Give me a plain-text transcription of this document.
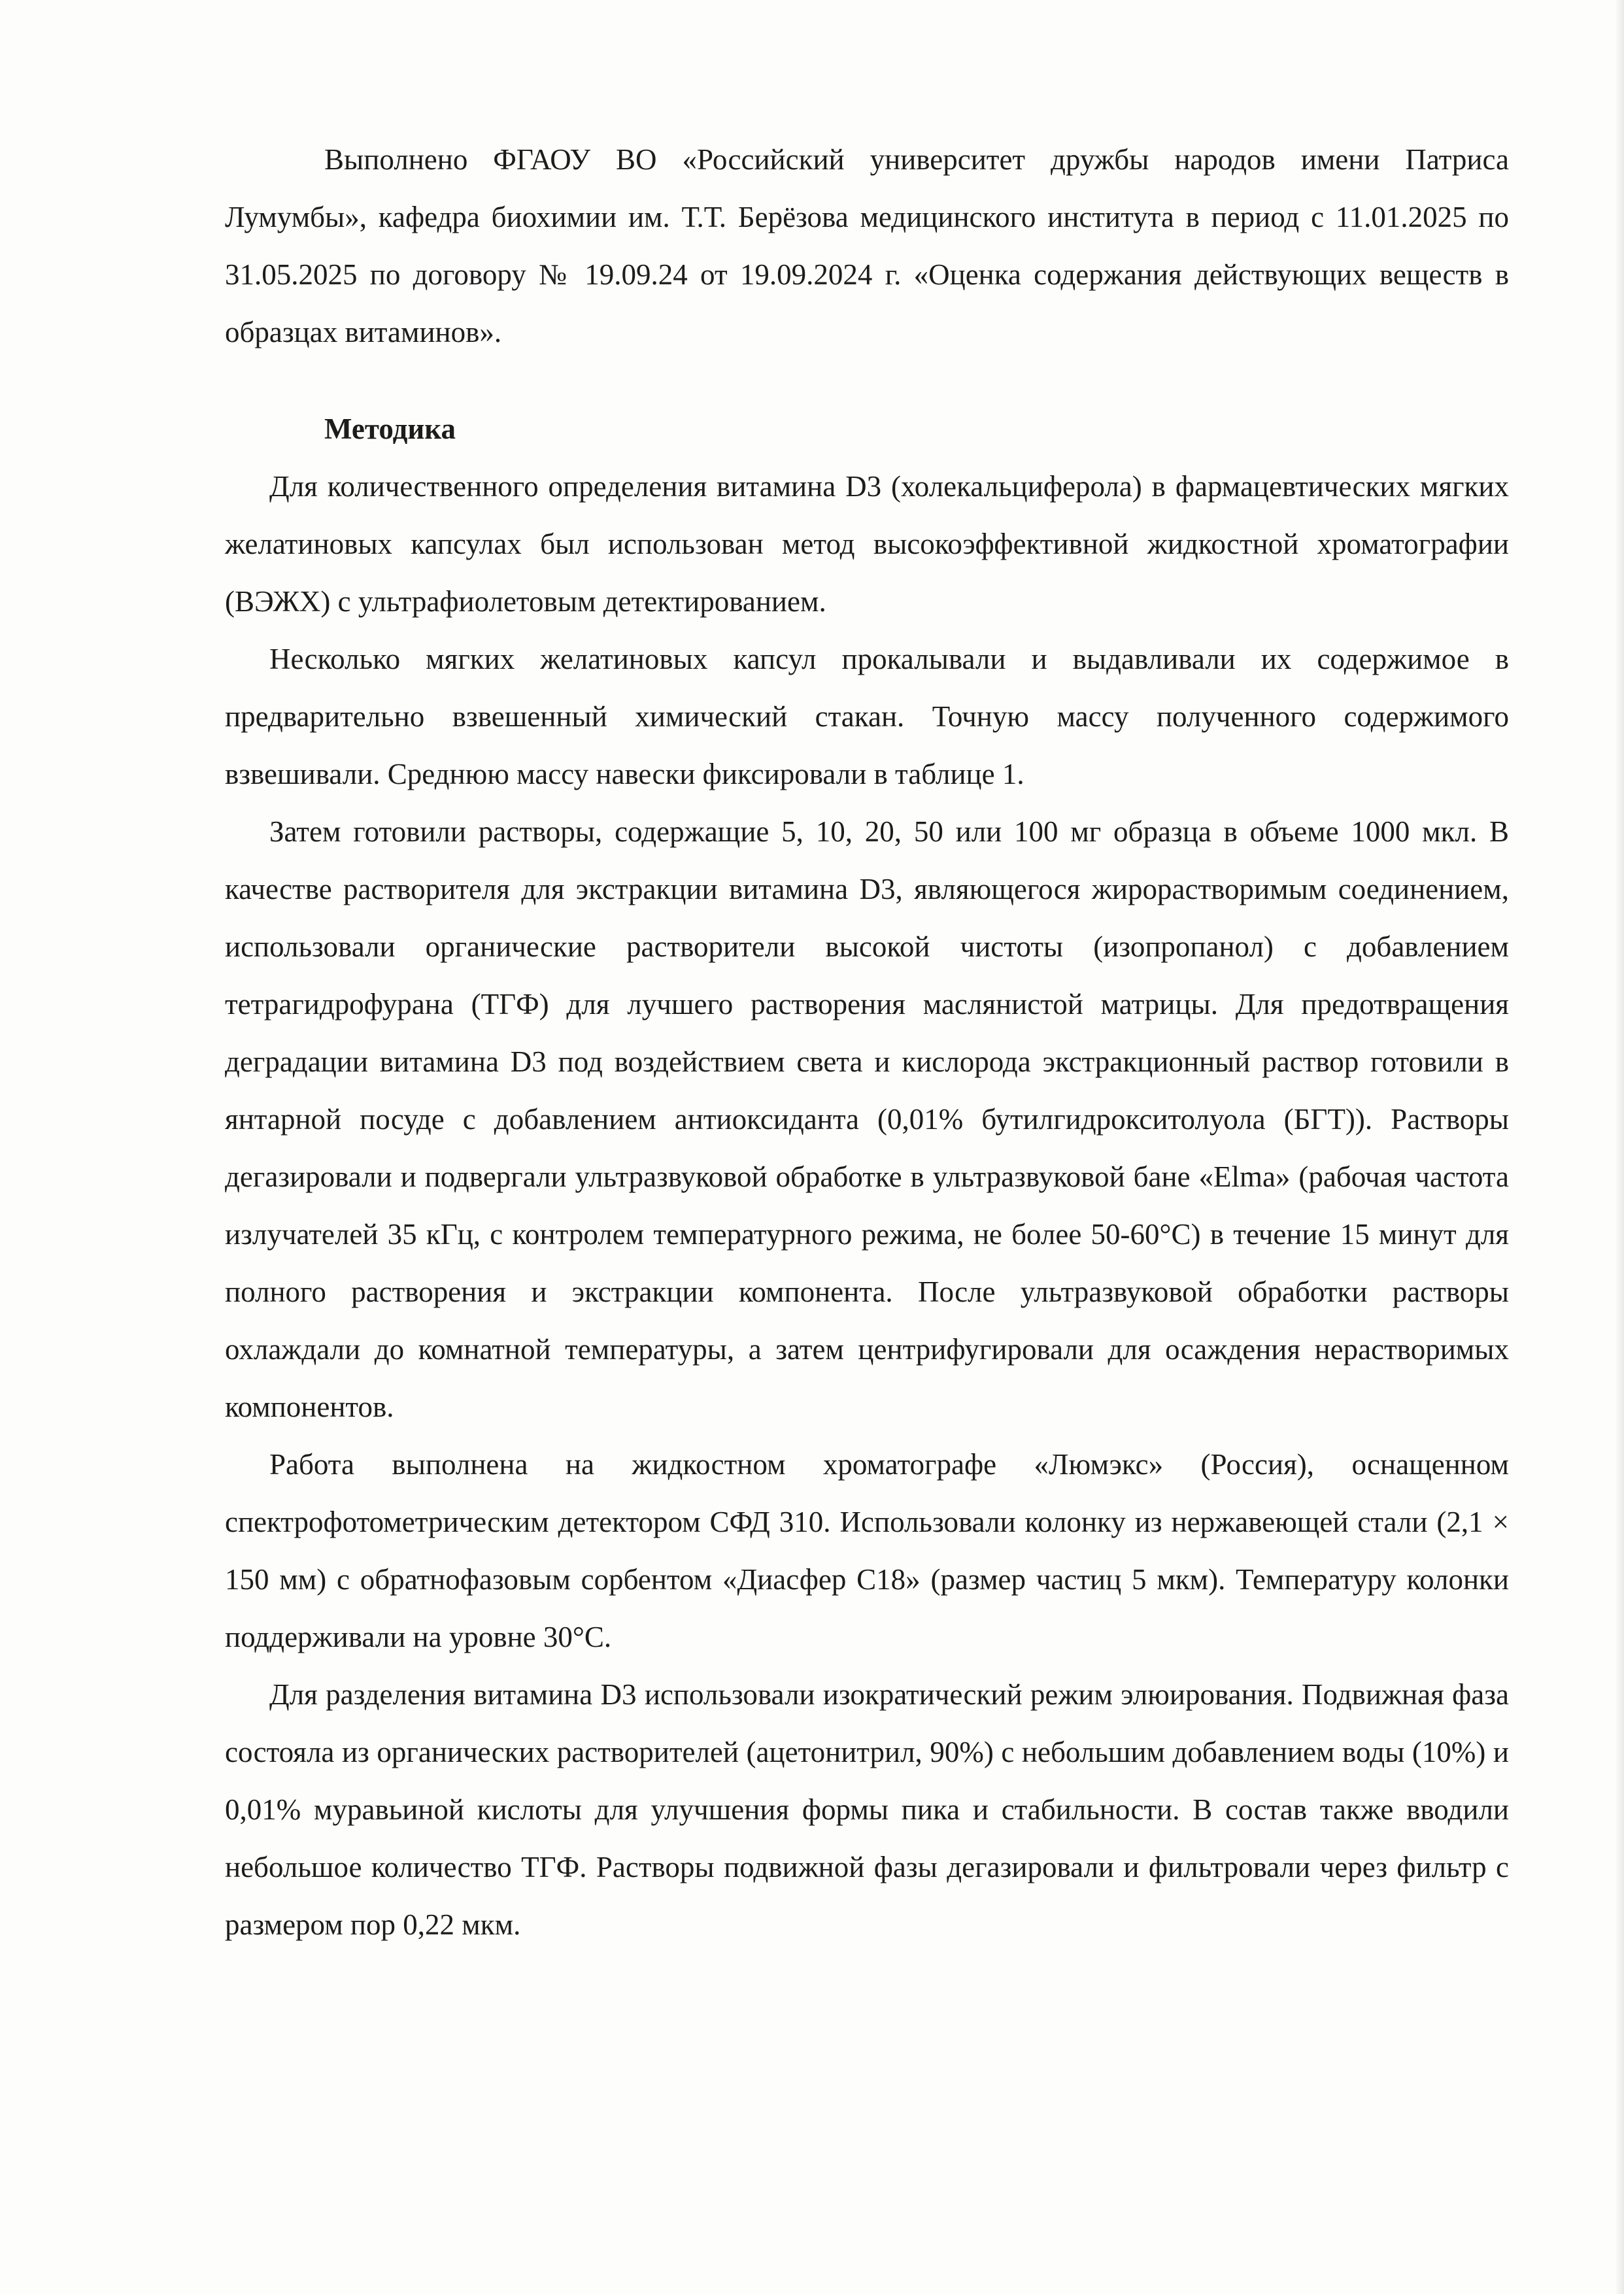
Выполнено ФГАОУ ВО «Российский университет дружбы народов имени Патриса Лумумбы», кафедра биохимии им. Т.Т. Берёзова медицинского института в период с 11.01.2025 по 31.05.2025 по договору № 19.09.24 от 19.09.2024 г. «Оценка содержания действующих веществ в образцах витаминов».

Методика

Для количественного определения витамина D3 (холекальциферола) в фармацевтических мягких желатиновых капсулах был использован метод высокоэффективной жидкостной хроматографии (ВЭЖХ) с ультрафиолетовым детектированием.

Несколько мягких желатиновых капсул прокалывали и выдавливали их содержимое в предварительно взвешенный химический стакан. Точную массу полученного содержимого взвешивали. Среднюю массу навески фиксировали в таблице 1.

Затем готовили растворы, содержащие 5, 10, 20, 50 или 100 мг образца в объеме 1000 мкл. В качестве растворителя для экстракции витамина D3, являющегося жирорастворимым соединением, использовали органические растворители высокой чистоты (изопропанол) с добавлением тетрагидрофурана (ТГФ) для лучшего растворения маслянистой матрицы. Для предотвращения деградации витамина D3 под воздействием света и кислорода экстракционный раствор готовили в янтарной посуде с добавлением антиоксиданта (0,01% бутилгидрокситолуола (БГТ)). Растворы дегазировали и подвергали ультразвуковой обработке в ультразвуковой бане «Elma» (рабочая частота излучателей 35 кГц, с контролем температурного режима, не более 50-60°С) в течение 15 минут для полного растворения и экстракции компонента. После ультразвуковой обработки растворы охлаждали до комнатной температуры, а затем центрифугировали для осаждения нерастворимых компонентов.

Работа выполнена на жидкостном хроматографе «Люмэкс» (Россия), оснащенном спектрофотометрическим детектором СФД 310. Использовали колонку из нержавеющей стали (2,1 × 150 мм) с обратнофазовым сорбентом «Диасфер С18» (размер частиц 5 мкм). Температуру колонки поддерживали на уровне 30°С.

Для разделения витамина D3 использовали изократический режим элюирования. Подвижная фаза состояла из органических растворителей (ацетонитрил, 90%) с небольшим добавлением воды (10%) и 0,01% муравьиной кислоты для улучшения формы пика и стабильности. В состав также вводили небольшое количество ТГФ. Растворы подвижной фазы дегазировали и фильтровали через фильтр с размером пор 0,22 мкм.
